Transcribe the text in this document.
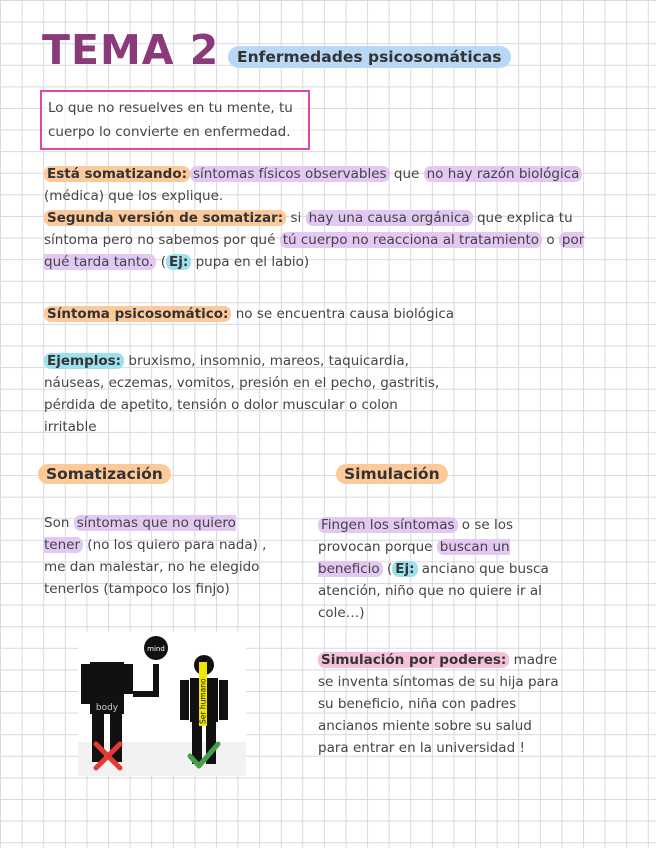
TEMA 2	Enfermedades psicosomáticas
Lo que no resuelves en tu mente, tu cuerpo lo convierte en enfermedad.
Está somatizando: síntomas físicos observables que no hay razón biológica (médica) que los explique.
Segunda versión de somatizar: si hay una causa orgánica que explica tu síntoma pero no sabemos por qué tú cuerpo no reacciona al tratamiento o por qué tarda tanto. ( Ej: pupa en el labio)
Síntoma psicosomático: no se encuentra causa biológica
Ejemplos: bruxismo, insomnio, mareos, taquicardia, náuseas, eczemas, vomitos, presión en el pecho, gastritis, pérdida de apetito, tensión o dolor muscular o colon irritable
Somatización	Simulación
Son síntomas que no quiero tener (no los quiero para nada) , me dan malestar, no he elegido tenerlos (tampoco los finjo)
Fingen los síntomas o se los provocan porque buscan un beneficio ( Ej: anciano que busca atención, niño que no quiere ir al cole…)
Simulación por poderes: madre se inventa síntomas de su hija para su beneficio, niña con padres ancianos miente sobre su salud para entrar en la universidad !
body
mind
Ser humano
